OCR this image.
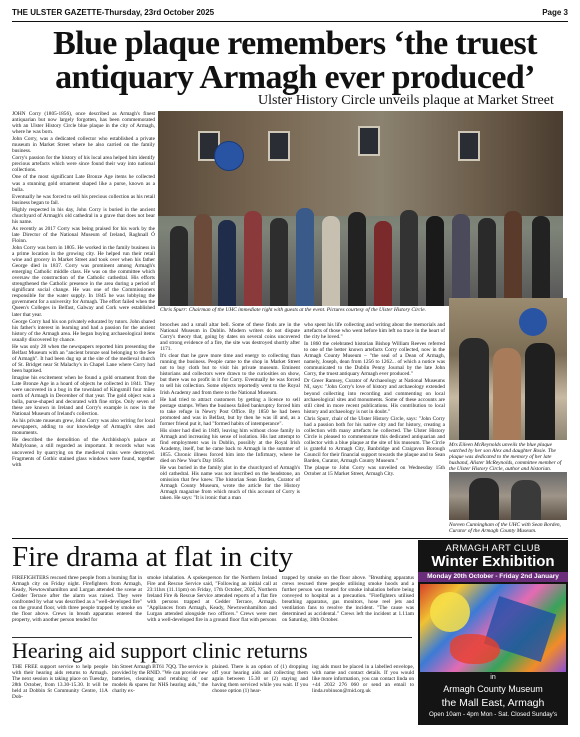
THE ULSTER GAZETTE-Thursday, 23rd October 2025	Page 3
Blue plaque remembers ‘the truest antiquary Armagh ever produced’
Ulster History Circle unveils plaque at Market Street

JOHN Corry (1805-1856), once described as Armagh's finest antiquarian but now largely forgotten, has been commemorated with an Ulster History Circle blue plaque in the city of Armagh, where he was born.

John Corry, was a dedicated collector who established a private museum in Market Street where he also carried on the family business.

Corry's passion for the history of his local area helped him identify precious artefacts which were since found their way into national collections.

One of the most significant Late Bronze Age items he collected was a stunning gold ornament shaped like a purse, known as a bulla.

Eventually he was forced to sell his precious collection as his retail business began to fail.

Highly respected in his day, John Corry is buried in the ancient churchyard of Armagh's old cathedral in a grave that does not bear his name.

As recently as 2017 Corry was being praised for his work by the late Director of the National Museum of Ireland, Raghnall Ó Floinn.

John Corry was born in 1805. He worked in the family business in a prime location in the growing city. He helped run their retail wine and grocery in Market Street and took over when his father George died in 1837. Corry was prominent among Armagh's emerging Catholic middle class. He was on the committee which oversaw the construction of the Catholic cathedral. His efforts strengthened the Catholic presence in the area during a period of significant social change. He was one of the Commissioners responsible for the water supply. In 1845 he was lobbying the government for a university for Armagh. The effort failed when the Queen's Colleges in Belfast, Galway and Cork were established later that year.

George Corry had his son privately educated by tutors. John shared his father's interest in learning and had a passion for the ancient history of the Armagh area. He began buying archaeological items usually discovered by chance.

He was only 28 when the newspapers reported him presenting the Belfast Museum with an "ancient bronze seal belonging to the See of Armagh". It had been dug up at the site of the medieval church of St. Bridget near St Malachy's in Chapel Lane where Corry had been baptised.

Imagine his excitement when he found a gold ornament from the Late Bronze Age in a hoard of objects he collected in 1841. They were uncovered in a bog in the townland of Kingsmill four miles north of Armagh in December of that year. The gold object was a bulla, purse-shaped and decorated with fine strips. Only seven of these are known in Ireland and Corry's example is now in the National Museum of Ireland's collection.

As his private museum grew, John Corry was also writing for local newspapers, adding to our knowledge of Armagh's sites and monuments.

He described the demolition of the Archbishop's palace at Mullyloane, a still regarded as important. It records what was uncovered by quarrying on the medieval ruins were destroyed. Fragments of Gothic stained glass windows were found, together with

Chris Spurr: Chairman of the UHC immediate right with guests at the event. Pictures courtesy of the Ulster History Circle.

brooches and a small altar bell. Some of these finds are in the National Museum in Dublin. Modern writers do not dispute Corry's theory that, going by dates on several coins uncovered and strong evidence of a fire, the site was destroyed shortly after 1171.

It's clear that he gave more time and energy to collecting than running the business. People came to the shop in Market Street not to buy cloth but to visit his private museum. Eminent historians and collectors were drawn to the curiosities on show, but there was no profit in it for Corry. Eventually he was forced to sell his collection. Some objects reportedly went to the Royal Irish Academy and from there to the National Museum.

He had tried to attract customers by getting a licence to sell postage stamps. When the business failed bankruptcy forced him to take refuge in Newry Post Office. By 1850 he had been promoted and was in Belfast, but by then he was ill and, as a former friend put it, had "formed habits of intemperance".

His sister had died in 1849, leaving him without close family in Armagh and increasing his sense of isolation. His last attempt to find employment was in Dublin, possibly at the Royal Irish Academy, itself, but he came back to Armagh in the summer of 1855. Chronic illness forced him into the Infirmary, where he died on New Year's Day 1856.

He was buried in the family plot in the churchyard of Armagh's old cathedral. His name was not inscribed on the headstone, an omission that few knew. The historian Sean Barden, Curator of Armagh County Museum, wrote the article for the History Armagh magazine from which much of this account of Corry is taken. He says: "It is ironic that a man

who spent his life collecting and writing about the memorials and artefacts of those who went before him left no trace in the heart of the city he loved."

In 1860 the celebrated historian Bishop William Reeves referred to one of the better known artefacts Corry collected, now in the Armagh County Museum – "the seal of a Dean of Armagh, namely, Joseph, dean from 1256 to 1262... of which a notice was communicated to the Dublin Penny Journal by the late John Corry, the truest antiquary Armagh ever produced."

Dr Greer Ramsey, Curator of Archaeology at National Museums NI, says: "John Corry's love of history and archaeology extended beyond collecting into recording and commenting on local archaeological sites and monuments. Some of these accounts are still cited in more recent publications. His contribution to local history and archaeology is not in doubt."

Chris Spurr, chair of the Ulster History Circle, says: "John Corry had a passion both for his native city and for history, creating a collection with many artefacts he collected. The Ulster History Circle is pleased to commemorate this dedicated antiquarian and collector with a blue plaque at the site of his museum. The Circle is grateful to Armagh City, Banbridge and Craigavon Borough Council for their financial support towards the plaque and to Sean Barden, Curator, Armagh County Museum."

The plaque to John Corry was unveiled on Wednesday 15th October at 15 Market Street, Armagh City.

Mrs Eileen McReynolds unveils the blue plaque watched by her son Alex and daughter Rosie. The plaque was dedicated to the memory of her late husband, Alister McReynolds, committee member of the Ulster History Circle, author and historian.
Noreen Cunningham of the UHC with Sean Borden, Curator of the Armagh County Museum.
Fire drama at flat in city
FIREFIGHTERS rescued three people from a burning flat in Armagh city on Friday night. Firefighters from Armagh, Keady, Newtownhamilton and Lurgan attended the scene at Cedder Terrace after the alarm was raised. They were confronted by what was described as a "well-developed fire" on the ground floor, with three people trapped by smoke on the floor above. Crews in breath apparatus entered the property, with another person tended for
smoke inhalation. A spokesperson for the Northern Ireland Fire and Rescue Service said, "Following an initial call at 23:11hrs (11.11pm) on Friday, 17th October, 2025, Northern Ireland Fire & Rescue Service attended reports of a flat fire with persons trapped at Cedder Terrace, Armagh. "Appliances from Armagh, Keady, Newtownhamilton and Lurgan attended alongside two officers." Crews were met with a well-developed fire in a ground floor flat with persons
trapped by smoke on the floor above. "Breathing apparatus crews rescued three people utilising smoke hoods and a further person was treated for smoke inhalation before being conveyed to hospital as a precaution. "Firefighters utilised breathing apparatus, gas monitors, hose reel jets and ventilation fans to resolve the incident. "The cause was determined as accidental." Crews left the incident at 1.11am on Saturday, 18th October.
Hearing aid support clinic returns
THE FREE support service to help people with their hearing aids returns to Armagh. The next session is taking place on Tuesday, 28th October, from 13.30-15.30. It will be held at Dobbin St Community Centre, 11A Dob-
bin Street Armagh BT61 7QQ. The service is provided by the RNID. "We can provide new batteries, cleaning and retubing of our models & spares for NHS hearing aids," the charity ex-
plained. There is an option of (1) dropping off your hearing aids and collecting them again between 15.30 or (2) staying and having them serviced while you wait. If you choose option (1) hear-
ing aids must be placed in a labelled envelope, with name and contact details. If you would like more information, you can contact linda on +44 2032 276 060 or send an email to linda.robinson@rnid.org.uk
ARMAGH ART CLUB
Winter Exhibition
Monday 20th October - Friday 2nd January
in
Armagh County Museum
the Mall East, Armagh
Open 10am - 4pm Mon - Sat. Closed Sunday's
